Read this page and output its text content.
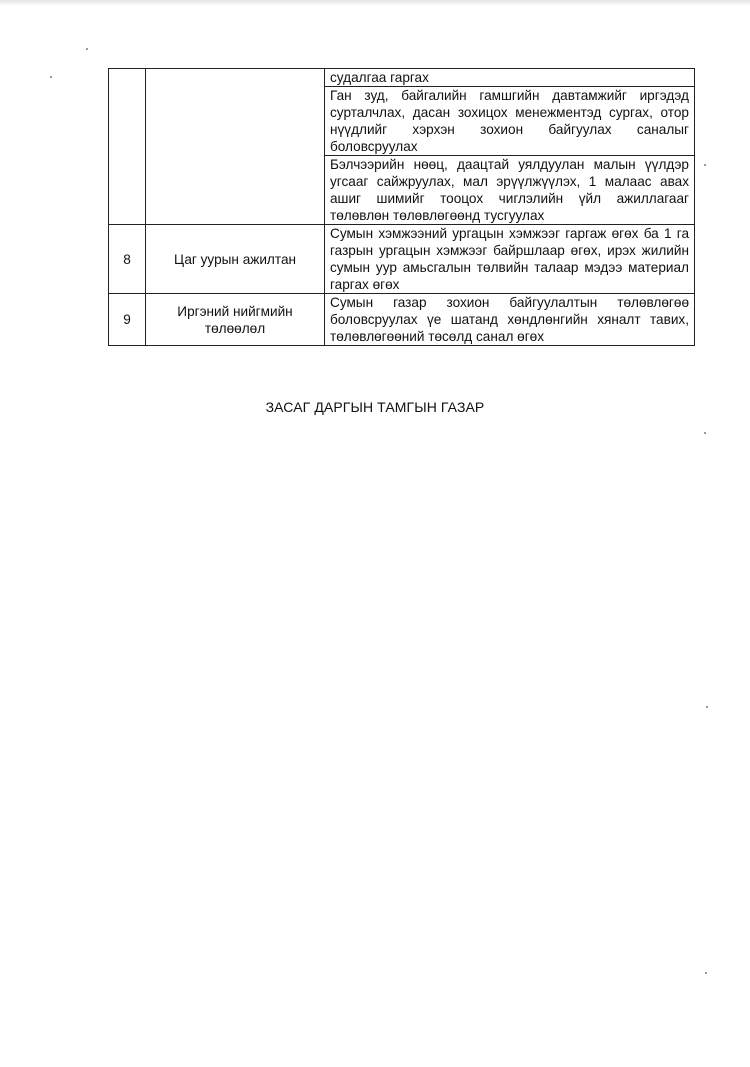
		судалгаа гаргах
		Ган зуд, байгалийн гамшгийн давтамжийг иргэдэд сурталчлах, дасан зохицох менежментэд сургах, отор нүүдлийг хэрхэн зохион байгуулах саналыг боловсруулах
		Бэлчээрийн нөөц, даацтай уялдуулан малын үүлдэр угсааг сайжруулах, мал эрүүлжүүлэх, 1 малаас авах ашиг шимийг тооцох чиглэлийн үйл ажиллагааг төлөвлөн төлөвлөгөөнд тусгуулах
8	Цаг уурын ажилтан	Сумын хэмжээний ургацын хэмжээг гаргаж өгөх ба 1 га газрын ургацын хэмжээг байршлаар өгөх, ирэх жилийн сумын уур амьсгалын төлвийн талаар мэдээ материал гаргах өгөх
9	Иргэний нийгмийн төлөөлөл	Сумын газар зохион байгуулалтын төлөвлөгөө боловсруулах үе шатанд хөндлөнгийн хяналт тавих, төлөвлөгөөний төсөлд санал өгөх
ЗАСАГ ДАРГЫН ТАМГЫН ГАЗАР
